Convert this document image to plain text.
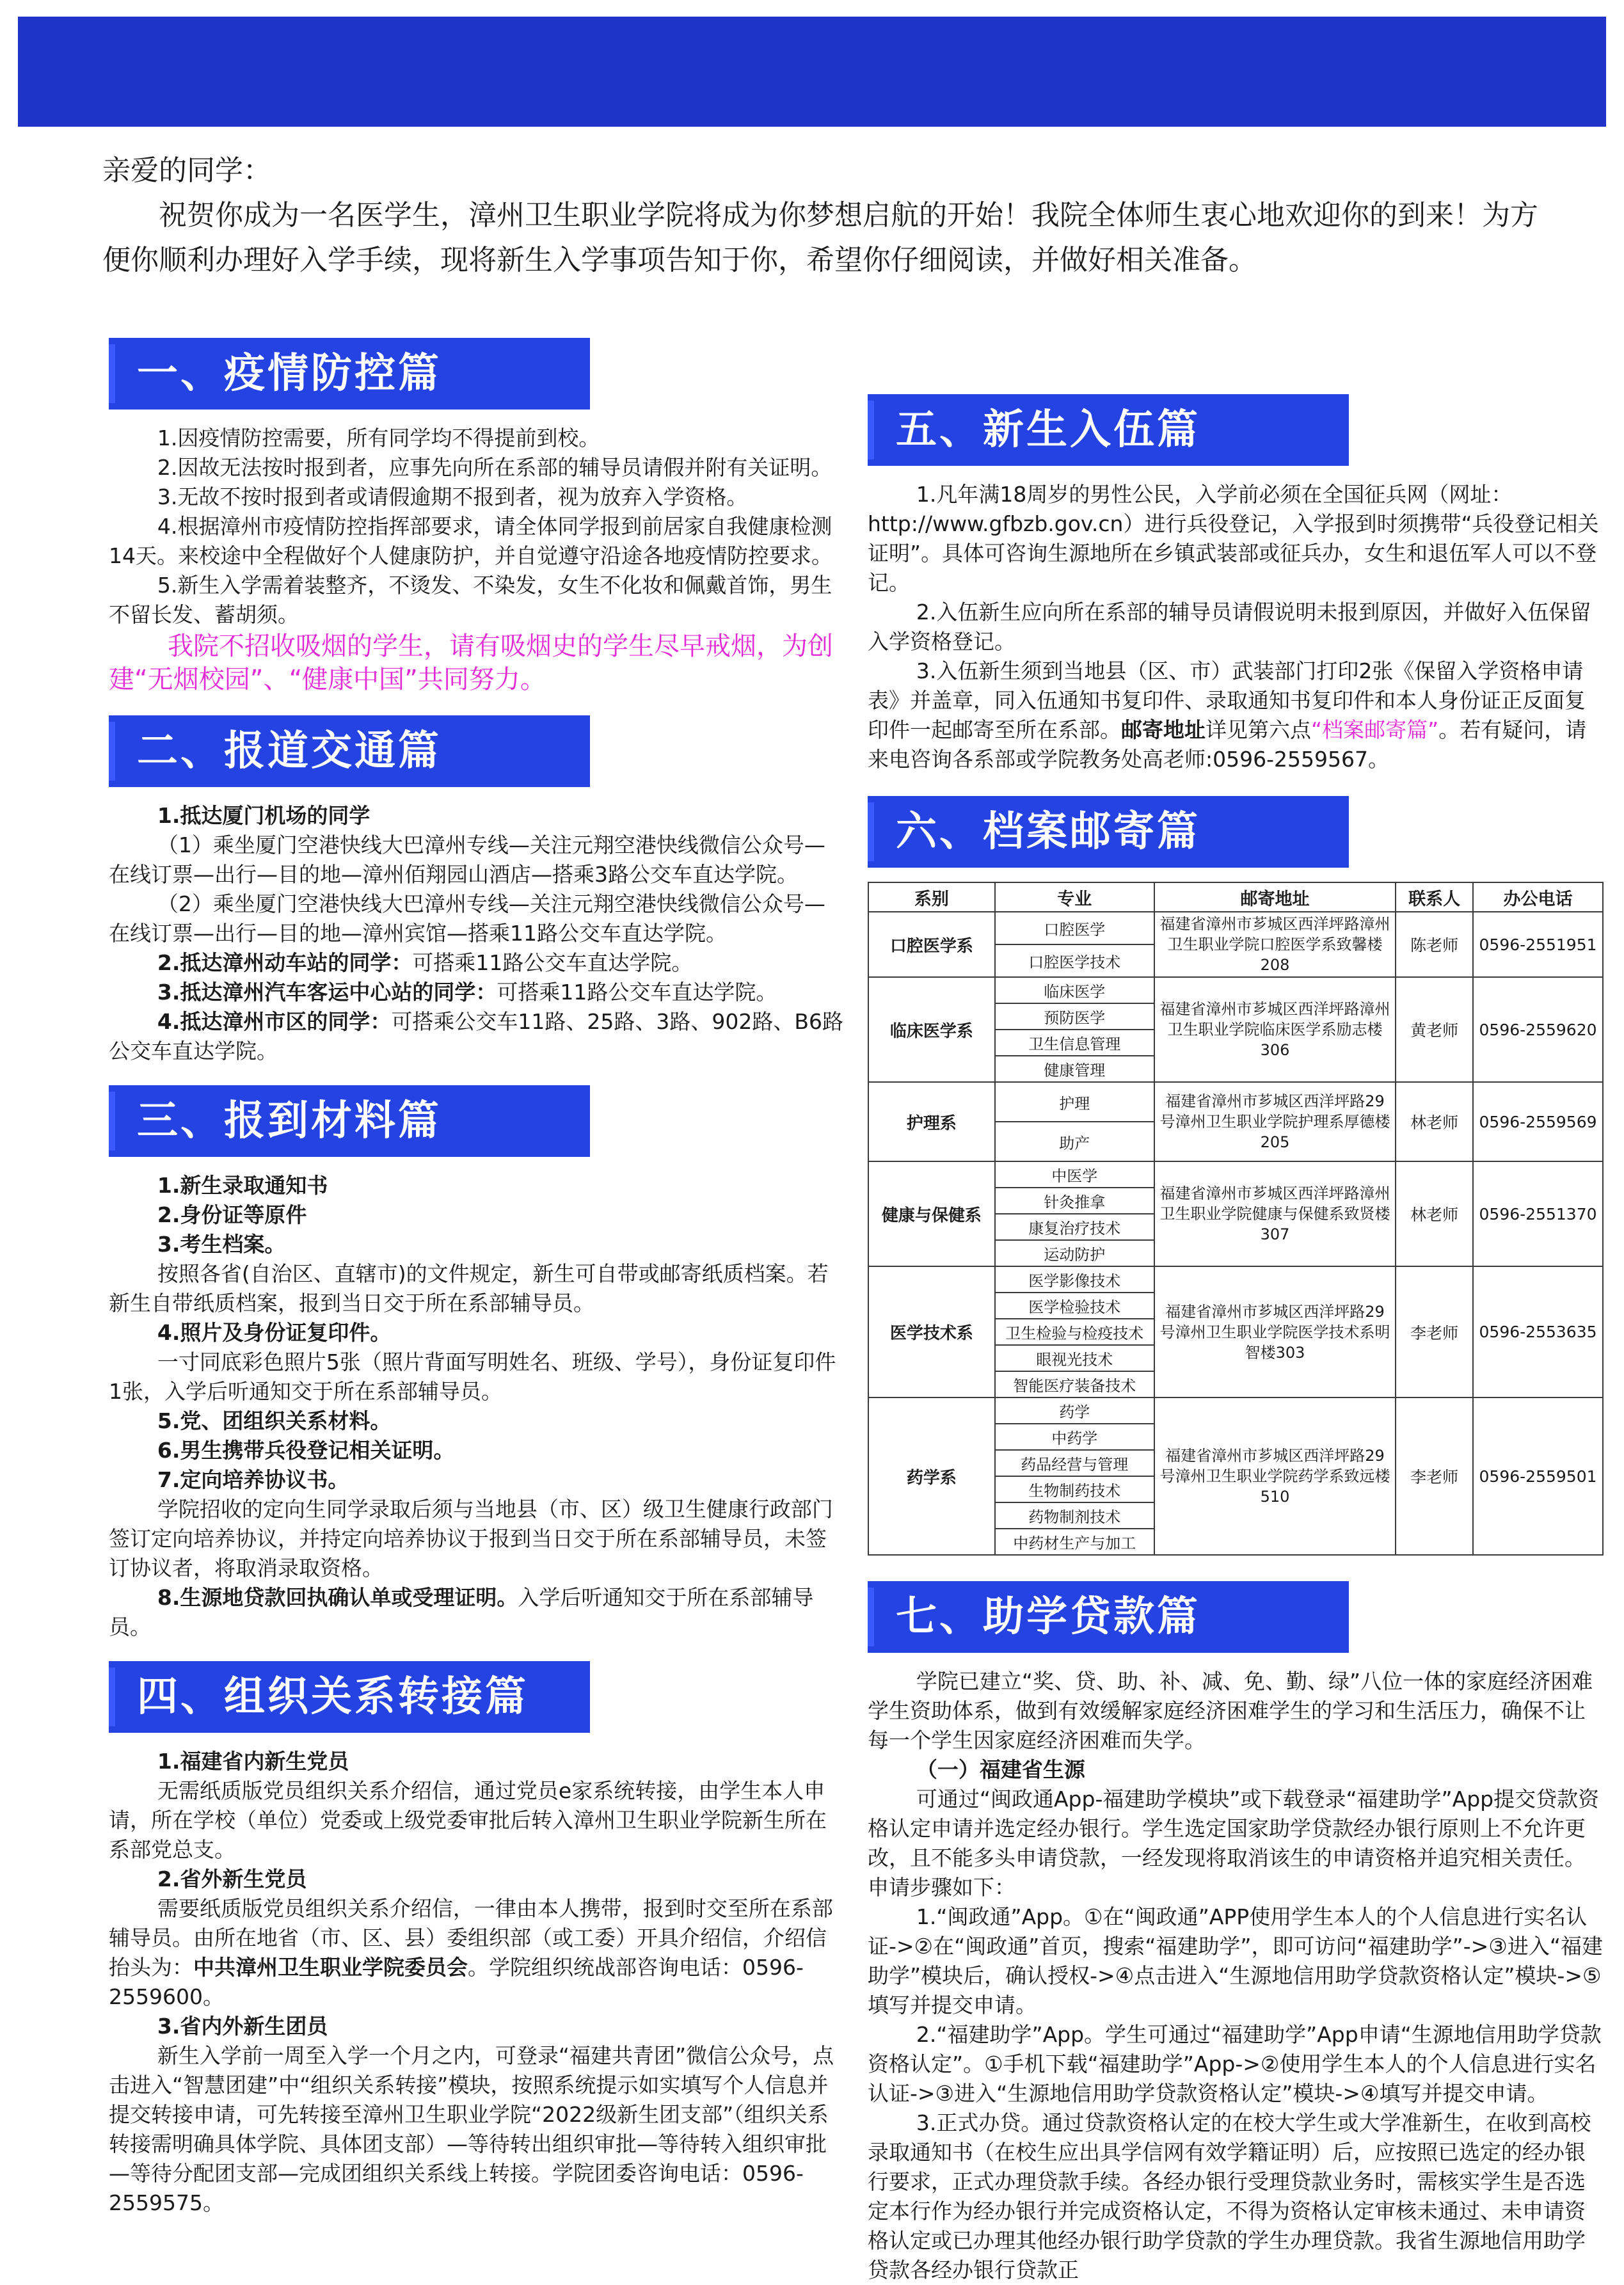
亲爱的同学：

祝贺你成为一名医学生，漳州卫生职业学院将成为你梦想启航的开始！我院全体师生衷心地欢迎你的到来！为方便你顺利办理好入学手续，现将新生入学事项告知于你，希望你仔细阅读，并做好相关准备。

一、疫情防控篇

1.因疫情防控需要，所有同学均不得提前到校。

2.因故无法按时报到者，应事先向所在系部的辅导员请假并附有关证明。

3.无故不按时报到者或请假逾期不报到者，视为放弃入学资格。

4.根据漳州市疫情防控指挥部要求，请全体同学报到前居家自我健康检测14天。来校途中全程做好个人健康防护，并自觉遵守沿途各地疫情防控要求。

5.新生入学需着装整齐，不烫发、不染发，女生不化妆和佩戴首饰，男生不留长发、蓄胡须。

我院不招收吸烟的学生，请有吸烟史的学生尽早戒烟，为创建“无烟校园”、“健康中国”共同努力。

二、报道交通篇

1.抵达厦门机场的同学

（1）乘坐厦门空港快线大巴漳州专线—关注元翔空港快线微信公众号—在线订票—出行—目的地—漳州佰翔园山酒店—搭乘3路公交车直达学院。

（2）乘坐厦门空港快线大巴漳州专线—关注元翔空港快线微信公众号—在线订票—出行—目的地—漳州宾馆—搭乘11路公交车直达学院。

2.抵达漳州动车站的同学：可搭乘11路公交车直达学院。

3.抵达漳州汽车客运中心站的同学：可搭乘11路公交车直达学院。

4.抵达漳州市区的同学：可搭乘公交车11路、25路、3路、902路、B6路公交车直达学院。

三、报到材料篇

1.新生录取通知书

2.身份证等原件

3.考生档案。

按照各省(自治区、直辖市)的文件规定，新生可自带或邮寄纸质档案。若新生自带纸质档案，报到当日交于所在系部辅导员。

4.照片及身份证复印件。

一寸同底彩色照片5张（照片背面写明姓名、班级、学号），身份证复印件1张，入学后听通知交于所在系部辅导员。

5.党、团组织关系材料。

6.男生携带兵役登记相关证明。

7.定向培养协议书。

学院招收的定向生同学录取后须与当地县（市、区）级卫生健康行政部门签订定向培养协议，并持定向培养协议于报到当日交于所在系部辅导员，未签订协议者，将取消录取资格。

8.生源地贷款回执确认单或受理证明。入学后听通知交于所在系部辅导员。

四、组织关系转接篇

1.福建省内新生党员

无需纸质版党员组织关系介绍信，通过党员e家系统转接，由学生本人申请，所在学校（单位）党委或上级党委审批后转入漳州卫生职业学院新生所在系部党总支。

2.省外新生党员

需要纸质版党员组织关系介绍信，一律由本人携带，报到时交至所在系部辅导员。由所在地省（市、区、县）委组织部（或工委）开具介绍信，介绍信抬头为：中共漳州卫生职业学院委员会。学院组织统战部咨询电话：0596-2559600。

3.省内外新生团员

新生入学前一周至入学一个月之内，可登录“福建共青团”微信公众号，点击进入“智慧团建”中“组织关系转接”模块，按照系统提示如实填写个人信息并提交转接申请，可先转接至漳州卫生职业学院“2022级新生团支部”（组织关系转接需明确具体学院、具体团支部）—等待转出组织审批—等待转入组织审批—等待分配团支部—完成团组织关系线上转接。学院团委咨询电话：0596-2559575。

五、新生入伍篇

1.凡年满18周岁的男性公民，入学前必须在全国征兵网（网址：http://www.gfbzb.gov.cn）进行兵役登记，入学报到时须携带“兵役登记相关证明”。具体可咨询生源地所在乡镇武装部或征兵办，女生和退伍军人可以不登记。

2.入伍新生应向所在系部的辅导员请假说明未报到原因，并做好入伍保留入学资格登记。

3.入伍新生须到当地县（区、市）武装部门打印2张《保留入学资格申请表》并盖章，同入伍通知书复印件、录取通知书复印件和本人身份证正反面复印件一起邮寄至所在系部。邮寄地址详见第六点“档案邮寄篇”。若有疑问，请来电咨询各系部或学院教务处高老师:0596-2559567。

六、档案邮寄篇
系别	专业	邮寄地址	联系人	办公电话
口腔医学系	口腔医学	福建省漳州市芗城区西洋坪路漳州卫生职业学院口腔医学系致馨楼208	陈老师	0596-2551951
	口腔医学技术			
临床医学系	临床医学	福建省漳州市芗城区西洋坪路漳州卫生职业学院临床医学系励志楼306	黄老师	0596-2559620
	预防医学			
	卫生信息管理			
	健康管理			
护理系	护理	福建省漳州市芗城区西洋坪路29号漳州卫生职业学院护理系厚德楼205	林老师	0596-2559569
	助产			
健康与保健系	中医学	福建省漳州市芗城区西洋坪路漳州卫生职业学院健康与保健系致贤楼307	林老师	0596-2551370
	针灸推拿			
	康复治疗技术			
	运动防护			
医学技术系	医学影像技术	福建省漳州市芗城区西洋坪路29号漳州卫生职业学院医学技术系明智楼303	李老师	0596-2553635
	医学检验技术			
	卫生检验与检疫技术			
	眼视光技术			
	智能医疗装备技术			
药学系	药学	福建省漳州市芗城区西洋坪路29号漳州卫生职业学院药学系致远楼510	李老师	0596-2559501
	中药学			
	药品经营与管理			
	生物制药技术			
	药物制剂技术			
	中药材生产与加工			
七、助学贷款篇

学院已建立“奖、贷、助、补、减、免、勤、绿”八位一体的家庭经济困难学生资助体系，做到有效缓解家庭经济困难学生的学习和生活压力，确保不让每一个学生因家庭经济困难而失学。

（一）福建省生源

可通过“闽政通App-福建助学模块”或下载登录“福建助学”App提交贷款资格认定申请并选定经办银行。学生选定国家助学贷款经办银行原则上不允许更改，且不能多头申请贷款，一经发现将取消该生的申请资格并追究相关责任。申请步骤如下：

1.“闽政通”App。①在“闽政通”APP使用学生本人的个人信息进行实名认证->②在“闽政通”首页，搜索“福建助学”，即可访问“福建助学”->③进入“福建助学”模块后，确认授权->④点击进入“生源地信用助学贷款资格认定”模块->⑤填写并提交申请。

2.“福建助学”App。学生可通过“福建助学”App申请“生源地信用助学贷款资格认定”。①手机下载“福建助学”App->②使用学生本人的个人信息进行实名认证->③进入“生源地信用助学贷款资格认定”模块->④填写并提交申请。

3.正式办贷。通过贷款资格认定的在校大学生或大学准新生，在收到高校录取通知书（在校生应出具学信网有效学籍证明）后，应按照已选定的经办银行要求，正式办理贷款手续。各经办银行受理贷款业务时，需核实学生是否选定本行作为经办银行并完成资格认定，不得为资格认定审核未通过、未申请资格认定或已办理其他经办银行助学贷款的学生办理贷款。我省生源地信用助学贷款各经办银行贷款正
